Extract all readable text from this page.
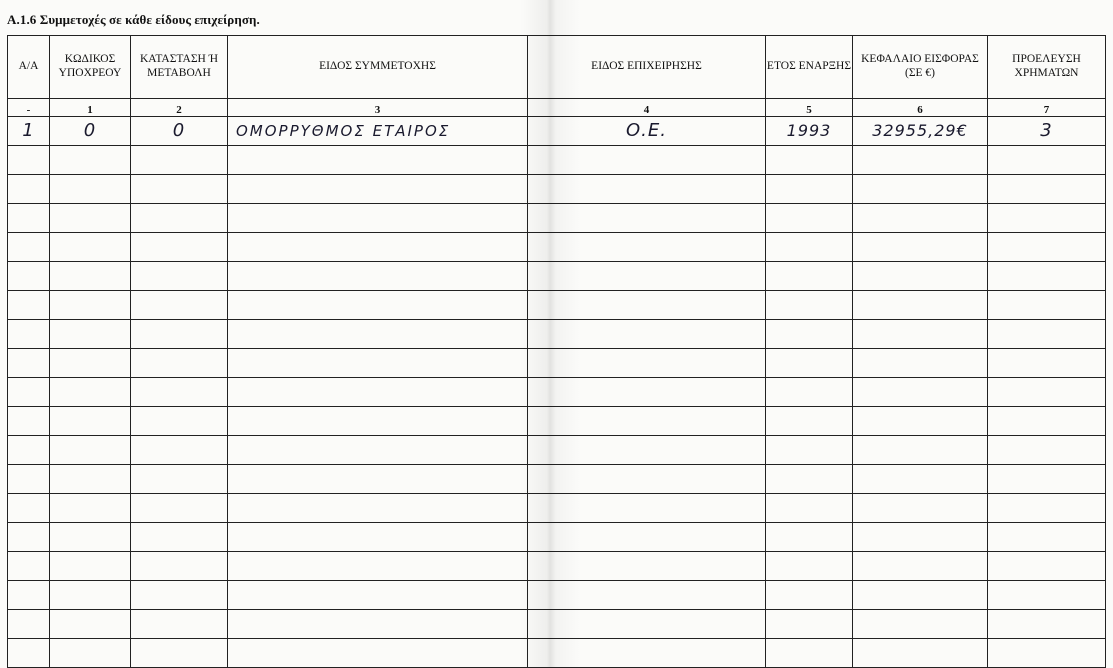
A.1.6 Συμμετοχές σε κάθε είδους επιχείρηση.
Α/Α	ΚΩΔΙΚΟΣ ΥΠΟΧΡΕΟΥ	ΚΑΤΑΣΤΑΣΗ Ή ΜΕΤΑΒΟΛΗ	ΕΙΔΟΣ ΣΥΜΜΕΤΟΧΗΣ	ΕΙΔΟΣ ΕΠΙΧΕΙΡΗΣΗΣ	ΕΤΟΣ ΕΝΑΡΞΗΣ	ΚΕΦΑΛΑΙΟ ΕΙΣΦΟΡΑΣ (ΣΕ €)	ΠΡΟΕΛΕΥΣΗ ΧΡΗΜΑΤΩΝ
-	1	2	3	4	5	6	7

1	0	0	ΟΜΟΡΡΥΘΜΟΣ ΕΤΑΙΡΟΣ	Ο.Ε.	1993	32955,29€	3
